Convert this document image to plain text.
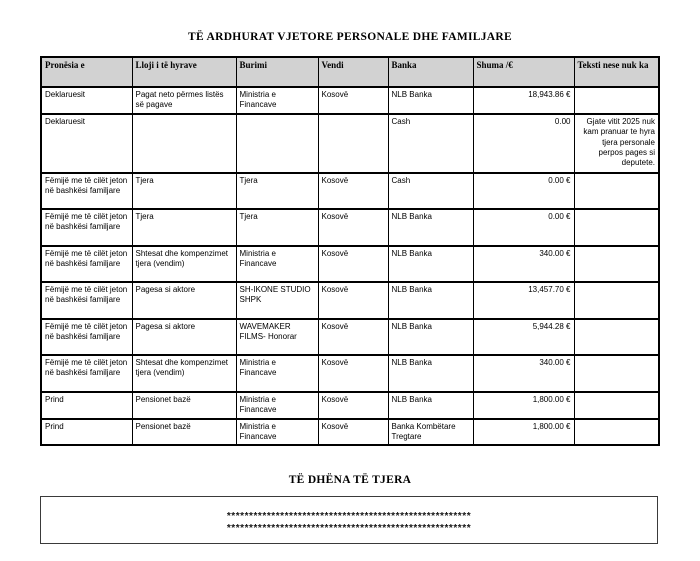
TË ARDHURAT VJETORE PERSONALE DHE FAMILJARE
Pronësia e	Lloji i të hyrave	Burimi	Vendi	Banka	Shuma /€	Teksti nese nuk ka
Deklaruesit	Pagat neto përmes listës së pagave	Ministria e Financave	Kosovë	NLB Banka	18,943.86 €	
Deklaruesit				Cash	0.00	Gjate vitit 2025 nuk kam pranuar te hyra tjera personale perpos pages si deputete.
Fëmijë me të cilët jeton në bashkësi familjare	Tjera	Tjera	Kosovë	Cash	0.00 €	
Fëmijë me të cilët jeton në bashkësi familjare	Tjera	Tjera	Kosovë	NLB Banka	0.00 €	
Fëmijë me të cilët jeton në bashkësi familjare	Shtesat dhe kompenzimet tjera (vendim)	Ministria e Financave	Kosovë	NLB Banka	340.00 €	
Fëmijë me të cilët jeton në bashkësi familjare	Pagesa si aktore	SH-IKONE STUDIO SHPK	Kosovë	NLB Banka	13,457.70 €	
Fëmijë me të cilët jeton në bashkësi familjare	Pagesa si aktore	WAVEMAKER FILMS- Honorar	Kosovë	NLB Banka	5,944.28 €	
Fëmijë me të cilët jeton në bashkësi familjare	Shtesat dhe kompenzimet tjera (vendim)	Ministria e Financave	Kosovë	NLB Banka	340.00 €	
Prind	Pensionet bazë	Ministria e Financave	Kosovë	NLB Banka	1,800.00 €	
Prind	Pensionet bazë	Ministria e Financave	Kosovë	Banka Kombëtare Tregtare	1,800.00 €	
TË DHËNA TË TJERA
*******************************************************
*******************************************************
